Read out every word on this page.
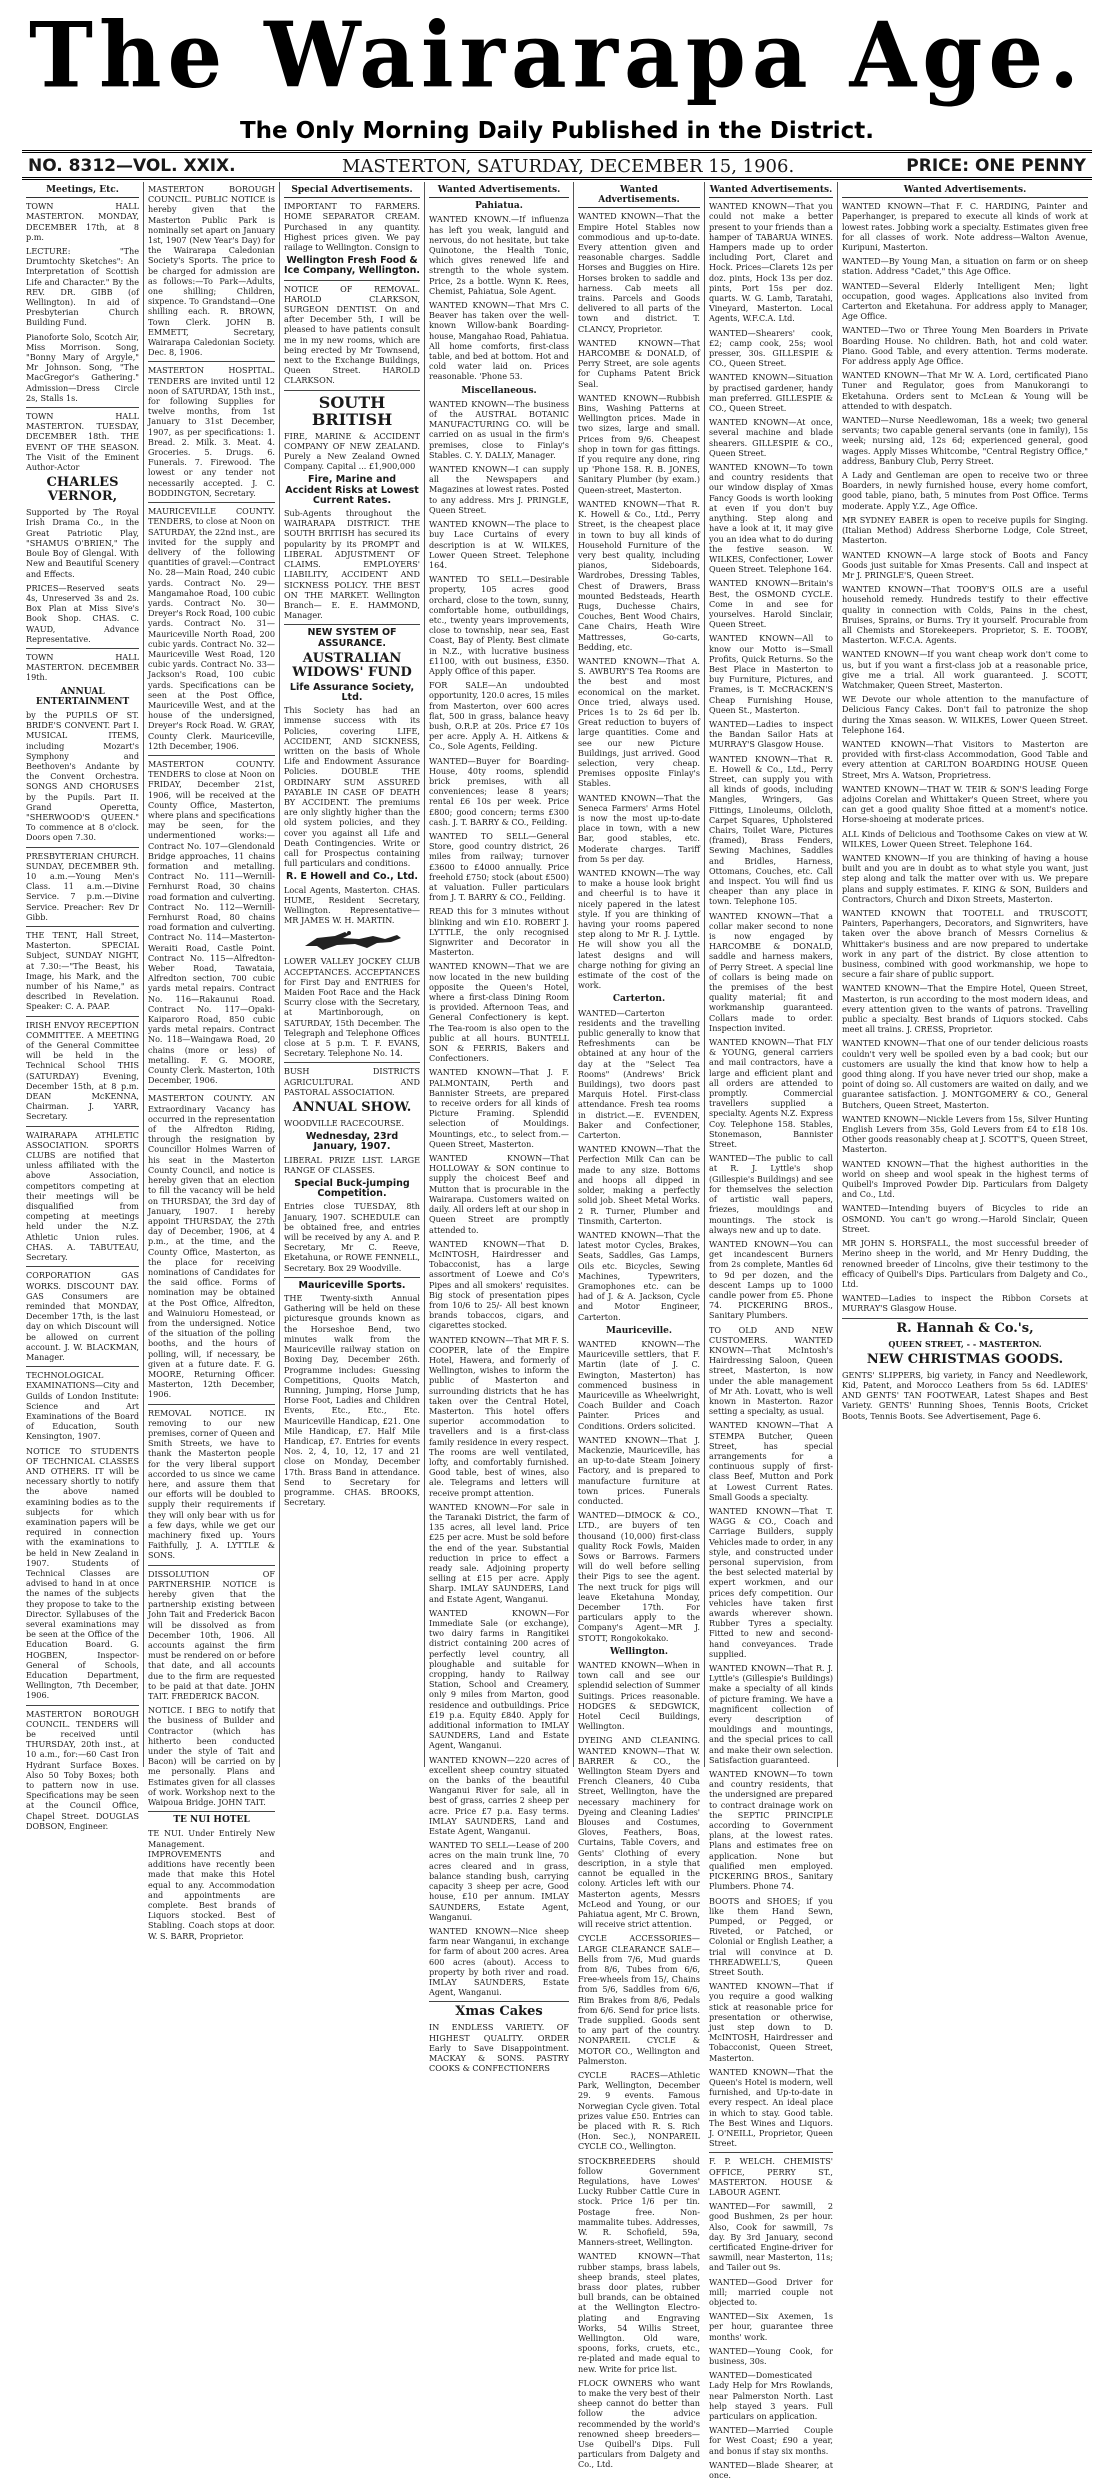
The Wairarapa Age.
The Only Morning Daily Published in the District.
NO. 8312—VOL. XXIX.	MASTERTON, SATURDAY, DECEMBER 15, 1906.	PRICE: ONE PENNY
Meetings, Etc.
TOWN HALL MASTERTON. MONDAY, DECEMBER 17th, at 8 p.m.
LECTURE: "The Drumtochty Sketches": An Interpretation of Scottish Life and Character." By the REV. DR. GIBB (of Wellington). In aid of Presbyterian Church Building Fund.
Pianoforte Solo, Scotch Air, Miss Morrison. Song, "Bonny Mary of Argyle," Mr Johnson. Song, "The MacGregor's Gathering." Admission—Dress Circle 2s, Stalls 1s.
TOWN HALL MASTERTON. TUESDAY, DECEMBER 18th. THE EVENT OF THE SEASON. The Visit of the Eminent Author-Actor
CHARLES VERNOR,
Supported by The Royal Irish Drama Co., in the Great Patriotic Play, "SHAMUS O'BRIEN," The Boule Boy of Glengal. With New and Beautiful Scenery and Effects.
PRICES—Reserved seats 4s, Unreserved 3s and 2s. Box Plan at Miss Sive's Book Shop. CHAS. C. WAUD, Advance Representative.
TOWN HALL MASTERTON. DECEMBER 19th.
ANNUAL ENTERTAINMENT
by the PUPILS OF ST. BRIDE'S CONVENT. Part I. MUSICAL ITEMS, including Mozart's Symphony and Beethoven's Andante by the Convent Orchestra. SONGS AND CHORUSES by the Pupils. Part II. Grand Operetta, "SHERWOOD'S QUEEN." To commence at 8 o'clock. Doors open 7.30.
PRESBYTERIAN CHURCH. SUNDAY, DECEMBER 9th. 10 a.m.—Young Men's Class. 11 a.m.—Divine Service. 7 p.m.—Divine Service. Preacher: Rev Dr Gibb.
THE TENT, Hall Street, Masterton. SPECIAL Subject, SUNDAY NIGHT, at 7.30:—"The Beast, his Image, his Mark, and the number of his Name," as described in Revelation. Speaker: C. A. PAAP.
IRISH ENVOY RECEPTION COMMITTEE. A MEETING of the General Committee will be held in the Technical School THIS (SATURDAY) Evening, December 15th, at 8 p.m. DEAN McKENNA, Chairman. J. YARR, Secretary.
WAIRARAPA ATHLETIC ASSOCIATION. SPORTS CLUBS are notified that unless affiliated with the above Association, competitors competing at their meetings will be disqualified from competing at meetings held under the N.Z. Athletic Union rules. CHAS. A. TABUTEAU, Secretary.
CORPORATION GAS WORKS. DISCOUNT DAY. GAS Consumers are reminded that MONDAY, December 17th, is the last day on which Discount will be allowed on current account. J. W. BLACKMAN, Manager.
TECHNOLOGICAL EXAMINATIONS—City and Guilds of London Institute: Science and Art Examinations of the Board of Education, South Kensington, 1907.
NOTICE TO STUDENTS OF TECHNICAL CLASSES AND OTHERS. IT will be necessary shortly to notify the above named examining bodies as to the subjects for which examination papers will be required in connection with the examinations to be held in New Zealand in 1907. Students of Technical Classes are advised to hand in at once the names of the subjects they propose to take to the Director. Syllabuses of the several examinations may be seen at the Office of the Education Board. G. HOGBEN, Inspector-General of Schools, Education Department, Wellington, 7th December, 1906.
MASTERTON BOROUGH COUNCIL. TENDERS will be received until THURSDAY, 20th inst., at 10 a.m., for:—60 Cast Iron Hydrant Surface Boxes. Also 50 Toby Boxes; both to pattern now in use. Specifications may be seen at the Council Office, Chapel Street. DOUGLAS DOBSON, Engineer.
MASTERTON BOROUGH COUNCIL. PUBLIC NOTICE is hereby given that the Masterton Public Park is nominally set apart on January 1st, 1907 (New Year's Day) for the Wairarapa Caledonian Society's Sports. The price to be charged for admission are as follows:—To Park—Adults, one shilling; Children, sixpence. To Grandstand—One shilling each. R. BROWN, Town Clerk. JOHN B. EMMETT, Secretary, Wairarapa Caledonian Society. Dec. 8, 1906.
MASTERTON HOSPITAL. TENDERS are invited until 12 noon of SATURDAY, 15th inst., for following Supplies for twelve months, from 1st January to 31st December, 1907, as per specifications: 1. Bread. 2. Milk. 3. Meat. 4. Groceries. 5. Drugs. 6. Funerals. 7. Firewood. The lowest or any tender not necessarily accepted. J. C. BODDINGTON, Secretary.
MAURICEVILLE COUNTY. TENDERS, to close at Noon on SATURDAY, the 22nd inst., are invited for the supply and delivery of the following quantities of gravel:—Contract No. 28—Main Road, 240 cubic yards. Contract No. 29—Mangamahoe Road, 100 cubic yards. Contract No. 30—Dreyer's Rock Road, 100 cubic yards. Contract No. 31—Mauriceville North Road, 200 cubic yards. Contract No. 32—Mauriceville West Road, 120 cubic yards. Contract No. 33—Jackson's Road, 100 cubic yards. Specifications can be seen at the Post Office, Mauriceville West, and at the house of the undersigned, Dreyer's Rock Road. W. GRAY, County Clerk. Mauriceville, 12th December, 1906.
MASTERTON COUNTY. TENDERS to close at Noon on FRIDAY, December 21st, 1906, will be received at the County Office, Masterton, where plans and specifications may be seen, for the undermentioned works:—Contract No. 107—Glendonald Bridge approaches, 11 chains formation and metalling. Contract No. 111—Wernill-Fernhurst Road, 30 chains road formation and culverting. Contract No. 112—Wernill-Fernhurst Road, 80 chains road formation and culverting. Contract No. 114—Masterton-Weraiti Road, Castle Point. Contract No. 115—Alfredton-Weber Road, Tawataia, Alfredton section, 700 cubic yards metal repairs. Contract No. 116—Rakaunui Road. Contract No. 117—Opaki-Kaiparoro Road, 850 cubic yards metal repairs. Contract No. 118—Waingawa Road, 20 chains (more or less) of metalling. F. G. MOORE, County Clerk. Masterton, 10th December, 1906.
MASTERTON COUNTY. AN Extraordinary Vacancy has occurred in the representation of the Alfredton Riding, through the resignation by Councillor Holmes Warren of his seat in the Masterton County Council, and notice is hereby given that an election to fill the vacancy will be held on THURSDAY, the 3rd day of January, 1907. I hereby appoint THURSDAY, the 27th day of December, 1906, at 4 p.m., at the time, and the County Office, Masterton, as the place for receiving nominations of Candidates for the said office. Forms of nomination may be obtained at the Post Office, Alfredton, and Wainuioru Homestead, or from the undersigned. Notice of the situation of the polling booths, and the hours of polling, will, if necessary, be given at a future date. F. G. MOORE, Returning Officer. Masterton, 12th December, 1906.
REMOVAL NOTICE. IN removing to our new premises, corner of Queen and Smith Streets, we have to thank the Masterton people for the very liberal support accorded to us since we came here, and assure them that our efforts will be doubled to supply their requirements if they will only bear with us for a few days, while we get our machinery fixed up. Yours Faithfully, J. A. LYTTLE & SONS.
DISSOLUTION OF PARTNERSHIP. NOTICE is hereby given that the partnership existing between John Tait and Frederick Bacon will be dissolved as from December 10th, 1906. All accounts against the firm must be rendered on or before that date, and all accounts due to the firm are requested to be paid at that date. JOHN TAIT. FREDERICK BACON.
NOTICE. I BEG to notify that the business of Builder and Contractor (which has hitherto been conducted under the style of Tait and Bacon) will be carried on by me personally. Plans and Estimates given for all classes of work. Workshop next to the Waipoua Bridge. JOHN TAIT.
TE NUI HOTEL
TE NUI. Under Entirely New Management. IMPROVEMENTS and additions have recently been made that make this Hotel equal to any. Accommodation and appointments are complete. Best brands of Liquors stocked. Best of Stabling. Coach stops at door. W. S. BARR, Proprietor.
Special Advertisements.
IMPORTANT TO FARMERS. HOME SEPARATOR CREAM. Purchased in any quantity. Highest prices given. We pay railage to Wellington. Consign to
Wellington Fresh Food & Ice Company, Wellington.
NOTICE OF REMOVAL. HAROLD CLARKSON, SURGEON DENTIST. On and after December 5th, I will be pleased to have patients consult me in my new rooms, which are being erected by Mr Townsend, next to the Exchange Buildings, Queen Street. HAROLD CLARKSON.
SOUTH BRITISH
FIRE, MARINE & ACCIDENT COMPANY OF NEW ZEALAND. Purely a New Zealand Owned Company. Capital ... £1,900,000
Fire, Marine and Accident Risks at Lowest Current Rates.
Sub-Agents throughout the WAIRARAPA DISTRICT. THE SOUTH BRITISH has secured its popularity by its PROMPT and LIBERAL ADJUSTMENT OF CLAIMS. EMPLOYERS' LIABILITY, ACCIDENT AND SICKNESS POLICY. THE BEST ON THE MARKET. Wellington Branch— E. E. HAMMOND, Manager.
NEW SYSTEM OF ASSURANCE.
AUSTRALIAN WIDOWS' FUND
Life Assurance Society, Ltd.
This Society has had an immense success with its Policies, covering LIFE, ACCIDENT, AND SICKNESS, written on the basis of Whole Life and Endowment Assurance Policies. DOUBLE THE ORDINARY SUM ASSURED PAYABLE IN CASE OF DEATH BY ACCIDENT. The premiums are only slightly higher than the old system policies, and they cover you against all Life and Death Contingencies. Write or call for Prospectus containing full particulars and conditions.
R. E Howell and Co., Ltd.
Local Agents, Masterton. CHAS. HUME, Resident Secretary, Wellington. Representative— MR JAMES W. H. MARTIN.
LOWER VALLEY JOCKEY CLUB ACCEPTANCES. ACCEPTANCES for First Day and ENTRIES for Maiden Foot Race and the Hack Scurry close with the Secretary, at Martinborough, on SATURDAY, 15th December. The Telegraph and Telephone Offices close at 5 p.m. T. F. EVANS, Secretary. Telephone No. 14.
BUSH DISTRICTS AGRICULTURAL AND PASTORAL ASSOCIATION.
ANNUAL SHOW.
WOODVILLE RACECOURSE.
Wednesday, 23rd January, 1907.
LIBERAL PRIZE LIST. LARGE RANGE OF CLASSES.
Special Buck-jumping Competition.
Entries close TUESDAY, 8th January, 1907. SCHEDULE can be obtained free, and entries will be received by any A. and P. Secretary, Mr C. Reeve, Eketahuna, or ROWE FENNELL, Secretary. Box 29 Woodville.
Mauriceville Sports.
THE Twenty-sixth Annual Gathering will be held on these picturesque grounds known as the Horseshoe Bend, two minutes walk from the Mauriceville railway station on Boxing Day, December 26th. Programme includes: Guessing Competitions, Quoits Match, Running, Jumping, Horse Jump, Horse Foot, Ladies and Children Events, Etc., Etc., Etc. Mauriceville Handicap, £21. One Mile Handicap, £7. Half Mile Handicap, £7. Entries for events Nos. 2, 4, 10, 12, 17 and 21 close on Monday, December 17th. Brass Band in attendance. Send to Secretary for programme. CHAS. BROOKS, Secretary.
Wanted Advertisements.
Pahiatua.
WANTED KNOWN.—If influenza has left you weak, languid and nervous, do not hesitate, but take Quinotone, the Health Tonic, which gives renewed life and strength to the whole system. Price, 2s a bottle. Wynn K. Rees, Chemist, Pahiatua, Sole Agent.
WANTED KNOWN—That Mrs C. Beaver has taken over the well-known Willow-bank Boarding-house, Mangahao Road, Pahiatua. All home comforts, first-class table, and bed at bottom. Hot and cold water laid on. Prices reasonable. 'Phone 53.
Miscellaneous.
WANTED KNOWN—The business of the AUSTRAL BOTANIC MANUFACTURING CO. will be carried on as usual in the firm's premises, close to Finlay's Stables. C. Y. DALLY, Manager.
WANTED KNOWN—I can supply all the Newspapers and Magazines at lowest rates. Posted to any address. Mrs J. PRINGLE, Queen Street.
WANTED KNOWN—The place to buy Lace Curtains of every description is at W. WILKES, Lower Queen Street. Telephone 164.
WANTED TO SELL—Desirable property, 105 acres good orchard, close to the town, sunny, comfortable home, outbuildings, etc., twenty years improvements, close to township, near sea, East Coast, Bay of Plenty. Best climate in N.Z., with lucrative business £1100, with out business, £350. Apply Office of this paper.
FOR SALE—An undoubted opportunity, 120.0 acres, 15 miles from Masterton, over 600 acres flat, 500 in grass, balance heavy bush, O.R.P. at 20s. Price £7 10s per acre. Apply A. H. Aitkens & Co., Sole Agents, Feilding.
WANTED—Buyer for Boarding-House, 40ty rooms, splendid brick premises, with all conveniences; lease 8 years; rental £6 10s per week. Price £800; good concern; terms £300 cash. J. T. BARRY & CO., Feilding.
WANTED TO SELL—General Store, good country district, 26 miles from railway; turnover £3600 to £4000 annually. Price freehold £750; stock (about £500) at valuation. Fuller particulars from J. T. BARRY & CO., Feilding.
READ this for 3 minutes without blinking and win £10. ROBERT J. LYTTLE, the only recognised Signwriter and Decorator in Masterton.
WANTED KNOWN—That we are now located in the new building opposite the Queen's Hotel, where a first-class Dining Room is provided. Afternoon Teas, and General Confectionery is kept. The Tea-room is also open to the public at all hours. BUNTELL SON & FERRIS, Bakers and Confectioners.
WANTED KNOWN—That J. F. PALMONTAIN, Perth and Bannister Streets, are prepared to receive orders for all kinds of Picture Framing. Splendid selection of Mouldings. Mountings, etc., to select from.—Queen Street, Masterton.
WANTED KNOWN—That HOLLOWAY & SON continue to supply the choicest Beef and Mutton that is procurable in the Wairarapa. Customers waited on daily. All orders left at our shop in Queen Street are promptly attended to.
WANTED KNOWN—That D. McINTOSH, Hairdresser and Tobacconist, has a large assortment of Loewe and Co's Pipes and all smokers' requisites. Big stock of presentation pipes from 10/6 to 25/- All best known brands tobaccos, cigars, and cigarettes stocked.
WANTED KNOWN—That MR F. S. COOPER, late of the Empire Hotel, Hawera, and formerly of Wellington, wishes to inform the public of Masterton and surrounding districts that he has taken over the Central Hotel, Masterton. This hotel offers superior accommodation to travellers and is a first-class family residence in every respect. The rooms are well ventilated, lofty, and comfortably furnished. Good table, best of wines, also ale. Telegrams and letters will receive prompt attention.
WANTED KNOWN—For sale in the Taranaki District, the farm of 135 acres, all level land. Price £25 per acre. Must be sold before the end of the year. Substantial reduction in price to effect a ready sale. Adjoining property selling at £15 per acre. Apply Sharp. IMLAY SAUNDERS, Land and Estate Agent, Wanganui.
WANTED KNOWN—For Immediate Sale (or exchange), two dairy farms in Rangitikei district containing 200 acres of perfectly level country, all ploughable and suitable for cropping, handy to Railway Station, School and Creamery, only 9 miles from Marton, good residence and outbuildings. Price £19 p.a. Equity £840. Apply for additional information to IMLAY SAUNDERS, Land and Estate Agent, Wanganui.
WANTED KNOWN—220 acres of excellent sheep country situated on the banks of the beautiful Wanganui River for sale, all in best of grass, carries 2 sheep per acre. Price £7 p.a. Easy terms. IMLAY SAUNDERS, Land and Estate Agent, Wanganui.
WANTED TO SELL—Lease of 200 acres on the main trunk line, 70 acres cleared and in grass, balance standing bush, carrying capacity 3 sheep per acre, Good house, £10 per annum. IMLAY SAUNDERS, Estate Agent, Wanganui.
WANTED KNOWN—Nice sheep farm near Wanganui, in exchange for farm of about 200 acres. Area 600 acres (about). Access to property by both river and road. IMLAY SAUNDERS, Estate Agent, Wanganui.
Xmas Cakes
IN ENDLESS VARIETY. OF HIGHEST QUALITY. ORDER Early to Save Disappointment. MACKAY & SONS. PASTRY COOKS & CONFECTIONERS
Wanted Advertisements.
WANTED KNOWN—That the Empire Hotel Stables now commodious and up-to-date. Every attention given and reasonable charges. Saddle Horses and Buggies on Hire. Horses broken to saddle and harness. Cab meets all trains. Parcels and Goods delivered to all parts of the town and district. T. CLANCY, Proprietor.
WANTED KNOWN—That HARCOMBE & DONALD, of Perry Street, are sole agents for Cuphams Patent Brick Seal.
WANTED KNOWN—Rubbish Bins, Washing Patterns at Wellington prices. Made in two sizes, large and small. Prices from 9/6. Cheapest shop in town for gas fittings. If you require any done, ring up 'Phone 158. R. B. JONES, Sanitary Plumber (by exam.) Queen-street, Masterton.
WANTED KNOWN—That R. K. Howell & Co., Ltd., Perry Street, is the cheapest place in town to buy all kinds of Household Furniture of the very best quality, including pianos, Sideboards, Wardrobes, Dressing Tables, Chest of Drawers, Brass mounted Bedsteads, Hearth Rugs, Duchesse Chairs, Couches, Bent Wood Chairs, Cane Chairs, Heath Wire Mattresses, Go-carts, Bedding, etc.
WANTED KNOWN—That A. S. AWBURY'S Tea Rooms are the best and most economical on the market. Once tried, always used. Prices 1s to 2s 6d per lb. Great reduction to buyers of large quantities. Come and see our new Picture Buildings, just arrived. Good selection, very cheap. Premises opposite Finlay's Stables.
WANTED KNOWN—That the Seneca Farmers' Arms Hotel is now the most up-to-date place in town, with a new Bar, good stables, etc. Moderate charges. Tariff from 5s per day.
WANTED KNOWN—The way to make a house look bright and cheerful is to have it nicely papered in the latest style. If you are thinking of having your rooms papered step along to Mr R. J. Lyttle. He will show you all the latest designs and will charge nothing for giving an estimate of the cost of the work.
Carterton.
WANTED—Carterton residents and the travelling public generally to know that Refreshments can be obtained at any hour of the day at the "Select Tea Rooms" (Andrews' Brick Buildings), two doors past Marquis Hotel. First-class attendance. Fresh tea rooms in district.—E. EVENDEN, Baker and Confectioner, Carterton.
WANTED KNOWN—That the Perfection Milk Can can be made to any size. Bottoms and hoops all dipped in solder, making a perfectly solid job. Sheet Metal Works. 2 R. Turner, Plumber and Tinsmith, Carterton.
WANTED KNOWN—That the latest motor Cycles, Brakes, Seats, Saddles, Gas Lamps, Oils etc. Bicycles, Sewing Machines, Typewriters, Gramophones etc. can be had of J. & A. Jackson, Cycle and Motor Engineer, Carterton.
Mauriceville.
WANTED KNOWN—The Mauriceville settlers, that F. Martin (late of J. C. Ewington, Masterton) has commenced business in Mauriceville as Wheelwright, Coach Builder and Coach Painter. Prices and Conditions. Orders solicited.
WANTED KNOWN—That J. Mackenzie, Mauriceville, has an up-to-date Steam Joinery Factory, and is prepared to manufacture furniture at town prices. Funerals conducted.
WANTED—DIMOCK & CO., LTD., are buyers of ten thousand (10,000) first-class quality Rock Fowls, Maiden Sows or Barrows. Farmers will do well before selling their Pigs to see the agent. The next truck for pigs will leave Eketahuna Monday, December 17th. For particulars apply to the Company's Agent—MR J. STOTT, Rongokokako.
Wellington.
WANTED KNOWN—When in town call and see our splendid selection of Summer Suitings. Prices reasonable. HODGES & SEDGWICK, Hotel Cecil Buildings, Wellington.
DYEING AND CLEANING. WANTED KNOWN—That W. BARRER & CO., the Wellington Steam Dyers and French Cleaners, 40 Cuba Street, Wellington, have the necessary machinery for Dyeing and Cleaning Ladies' Blouses and Costumes, Gloves, Feathers, Boas, Curtains, Table Covers, and Gents' Clothing of every description, in a style that cannot be equalled in the colony. Articles left with our Masterton agents, Messrs McLeod and Young, or our Pahiatua agent, Mr C. Brown, will receive strict attention.
CYCLE ACCESSORIES—LARGE CLEARANCE SALE—Bells from 7/6, Mud guards from 8/6, Tubes from 6/6, Free-wheels from 15/, Chains from 5/6, Saddles from 6/6, Rim Brakes from 8/6, Pedals from 6/6. Send for price lists. Trade supplied. Goods sent to any part of the country. NONPAREIL CYCLE & MOTOR CO., Wellington and Palmerston.
CYCLE RACES—Athletic Park, Wellington, December 29. 9 events. Famous Norwegian Cycle given. Total prizes value £50. Entries can be placed with R. S. Rich (Hon. Sec.), NONPAREIL CYCLE CO., Wellington.
STOCKBREEDERS should follow Government Regulations, have Lowes' Lucky Rubber Cattle Cure in stock. Price 1/6 per tin. Postage free. Non-mammalite tubes. Addresses, W. R. Schofield, 59a, Manners-street, Wellington.
WANTED KNOWN—That rubber stamps, brass labels, sheep brands, steel plates, brass door plates, rubber bull brands, can be obtained at the Wellington Electro-plating and Engraving Works, 54 Willis Street, Wellington. Old ware, spoons, forks, cruets, etc., re-plated and made equal to new. Write for price list.
FLOCK OWNERS who want to make the very best of their sheep cannot do better than follow the advice recommended by the world's renowned sheep breeders—Use Quibell's Dips. Full particulars from Dalgety and Co., Ltd.
Wanted Advertisements.
WANTED KNOWN—That you could not make a better present to your friends than a hamper of TABARUA WINES. Hampers made up to order including Port, Claret and Hock. Prices—Clarets 12s per doz. pints, Hock 13s per doz. pints, Port 15s per doz. quarts. W. G. Lamb, Taratahi, Vineyard, Masterton. Local Agents, W.F.C.A. Ltd.
WANTED—Shearers' cook, £2; camp cook, 25s; wool presser, 30s. GILLESPIE & CO., Queen Street.
WANTED KNOWN—Situation by practised gardener, handy man preferred. GILLESPIE & CO., Queen Street.
WANTED KNOWN—At once, several machine and blade shearers. GILLESPIE & CO., Queen Street.
WANTED KNOWN—To town and country residents that our window display of Xmas Fancy Goods is worth looking at even if you don't buy anything. Step along and have a look at it, it may give you an idea what to do during the festive season. W. WILKES, Confectioner, Lower Queen Street. Telephone 164.
WANTED KNOWN—Britain's Best, the OSMOND CYCLE. Come in and see for yourselves. Harold Sinclair, Queen Street.
WANTED KNOWN—All to know our Motto is—Small Profits, Quick Returns. So the Best Place in Masterton to buy Furniture, Pictures, and Frames, is T. McCRACKEN'S Cheap Furnishing House, Queen St., Masterton.
WANTED—Ladies to inspect the Bandan Sailor Hats at MURRAY'S Glasgow House.
WANTED KNOWN—That R. E. Howell & Co., Ltd., Perry Street, can supply you with all kinds of goods, including Mangles, Wringers, Gas Fittings, Linoleums, Oilcloth, Carpet Squares, Upholstered Chairs, Toilet Ware, Pictures (framed), Brass Fenders, Sewing Machines, Saddles and Bridles, Harness, Ottomans, Couches, etc. Call and inspect. You will find us cheaper than any place in town. Telephone 105.
WANTED KNOWN—That a collar maker second to none is now engaged by HARCOMBE & DONALD, saddle and harness makers, of Perry Street. A special line of collars is being made on the premises of the best quality material; fit and workmanship guaranteed. Collars made to order. Inspection invited.
WANTED KNOWN—That FLY & YOUNG, general carriers and mail contractors, have a large and efficient plant and all orders are attended to promptly. Commercial travellers supplied a specialty. Agents N.Z. Express Coy. Telephone 158. Stables, Stonemason, Bannister Street.
WANTED—The public to call at R. J. Lyttle's shop (Gillespie's Buildings) and see for themselves the selection of artistic wall papers, friezes, mouldings and mountings. The stock is always new and up to date.
WANTED KNOWN—You can get incandescent Burners from 2s complete, Mantles 6d to 9d per dozen, and the descent Lamps up to 1000 candle power from £5. Phone 74. PICKERING BROS., Sanitary Plumbers.
TO OLD AND NEW CUSTOMERS. WANTED KNOWN—That McIntosh's Hairdressing Saloon, Queen street, Masterton, is now under the able management of Mr Ath. Lovatt, who is well known in Masterton. Razor setting a specialty, as usual.
WANTED KNOWN—That A STEMPA Butcher, Queen Street, has special arrangements for a continuous supply of first-class Beef, Mutton and Pork at Lowest Current Rates. Small Goods a specialty.
WANTED KNOWN—That T. WAGG & CO., Coach and Carriage Builders, supply Vehicles made to order, in any style, and constructed under personal supervision, from the best selected material by expert workmen, and our prices defy competition. Our vehicles have taken first awards wherever shown. Rubber Tyres a specialty. Fitted to new and second-hand conveyances. Trade supplied.
WANTED KNOWN—That R. J. Lyttle's (Gillespie's Buildings) make a specialty of all kinds of picture framing. We have a magnificent collection of every description of mouldings and mountings, and the special prices to call and make their own selection. Satisfaction guaranteed.
WANTED KNOWN—To town and country residents, that the undersigned are prepared to contract drainage work on the SEPTIC PRINCIPLE according to Government plans, at the lowest rates. Plans and estimates free on application. None but qualified men employed. PICKERING BROS., Sanitary Plumbers. Phone 74.
BOOTS and SHOES; if you like them Hand Sewn, Pumped, or Pegged, or Riveted, or Patched, or Colonial or English Leather, a trial will convince at D. THREADWELL'S, Queen Street South.
WANTED KNOWN—That if you require a good walking stick at reasonable price for presentation or otherwise, just step down to D. McINTOSH, Hairdresser and Tobacconist, Queen Street, Masterton.
WANTED KNOWN—That the Queen's Hotel is modern, well furnished, and Up-to-date in every respect. An ideal place in which to stay. Good table. The Best Wines and Liquors. J. O'NEILL, Proprietor, Queen Street.
F. P. WELCH. CHEMISTS' OFFICE, PERRY ST., MASTERTON. HOUSE & LABOUR AGENT.
WANTED—For sawmill, 2 good Bushmen, 2s per hour. Also, Cook for sawmill, 7s day. By 3rd January, second certificated Engine-driver for sawmill, near Masterton, 11s; and Tailer out 9s.
WANTED—Good Driver for mill; married couple not objected to.
WANTED—Six Axemen, 1s per hour, guarantee three months' work.
WANTED—Young Cook, for business, 30s.
WANTED—Domesticated Lady Help for Mrs Rowlands, near Palmerston North. Last help stayed 3 years. Full particulars on application.
WANTED—Married Couple for West Coast; £90 a year, and bonus if stay six months.
WANTED—Blade Shearer, at once.
Wanted Advertisements.
WANTED KNOWN—That F. C. HARDING, Painter and Paperhanger, is prepared to execute all kinds of work at lowest rates. Jobbing work a specialty. Estimates given free for all classes of work. Note address—Walton Avenue, Kuripuni, Masterton.
WANTED—By Young Man, a situation on farm or on sheep station. Address "Cadet," this Age Office.
WANTED—Several Elderly Intelligent Men; light occupation, good wages. Applications also invited from Carterton and Eketahuna. For address apply to Manager, Age Office.
WANTED—Two or Three Young Men Boarders in Private Boarding House. No children. Bath, hot and cold water. Piano. Good Table, and every attention. Terms moderate. For address apply Age Office.
WANTED KNOWN—That Mr W. A. Lord, certificated Piano Tuner and Regulator, goes from Manukorangi to Eketahuna. Orders sent to McLean & Young will be attended to with despatch.
WANTED—Nurse Needlewoman, 18s a week; two general servants; two capable general servants (one in family), 15s week; nursing aid, 12s 6d; experienced general, good wages. Apply Misses Whitcombe, "Central Registry Office," address, Banbury Club, Perry Street.
A Lady and Gentleman are open to receive two or three Boarders, in newly furnished house, every home comfort, good table, piano, bath, 5 minutes from Post Office. Terms moderate. Apply Y.Z., Age Office.
MR SYDNEY EABER is open to receive pupils for Singing. (Italian Method) Address Sherborne Lodge, Cole Street, Masterton.
WANTED KNOWN—A large stock of Boots and Fancy Goods just suitable for Xmas Presents. Call and inspect at Mr J. PRINGLE'S, Queen Street.
WANTED KNOWN—That TOOBY'S OILS are a useful household remedy. Hundreds testify to their effective quality in connection with Colds, Pains in the chest, Bruises, Sprains, or Burns. Try it yourself. Procurable from all Chemists and Storekeepers. Proprietor, S. E. TOOBY, Masterton. W.F.C.A. Agents.
WANTED KNOWN—If you want cheap work don't come to us, but if you want a first-class job at a reasonable price, give me a trial. All work guaranteed. J. SCOTT, Watchmaker, Queen Street, Masterton.
WE Devote our whole attention to the manufacture of Delicious Fancy Cakes. Don't fail to patronize the shop during the Xmas season. W. WILKES, Lower Queen Street. Telephone 164.
WANTED KNOWN—That Visitors to Masterton are provided with first-class Accommodation, Good Table and every attention at CARLTON BOARDING HOUSE Queen Street, Mrs A. Watson, Proprietress.
WANTED KNOWN—THAT W. TEIR & SON'S leading Forge adjoins Corelan and Whittaker's Queen Street, where you can get a good quality Shoe fitted at a moment's notice. Horse-shoeing at moderate prices.
ALL Kinds of Delicious and Toothsome Cakes on view at W. WILKES, Lower Queen Street. Telephone 164.
WANTED KNOWN—If you are thinking of having a house built and you are in doubt as to what style you want, just step along and talk the matter over with us. We prepare plans and supply estimates. F. KING & SON, Builders and Contractors, Church and Dixon Streets, Masterton.
WANTED KNOWN that TOOTELL and TRUSCOTT, Painters, Paperhangers, Decorators, and Signwriters, have taken over the above branch of Messrs Cornelius & Whittaker's business and are now prepared to undertake work in any part of the district. By close attention to business, combined with good workmanship, we hope to secure a fair share of public support.
WANTED KNOWN—That the Empire Hotel, Queen Street, Masterton, is run according to the most modern ideas, and every attention given to the wants of patrons. Travelling public a specialty. Best brands of Liquors stocked. Cabs meet all trains. J. CRESS, Proprietor.
WANTED KNOWN—That one of our tender delicious roasts couldn't very well be spoiled even by a bad cook; but our customers are usually the kind that know how to help a good thing along. If you have never tried our shop, make a point of doing so. All customers are waited on daily, and we guarantee satisfaction. J. MONTGOMERY & CO., General Butchers, Queen Street, Masterton.
WANTED KNOWN—Nickle Levers from 15s, Silver Hunting English Levers from 35s, Gold Levers from £4 to £18 10s. Other goods reasonably cheap at J. SCOTT'S, Queen Street, Masterton.
WANTED KNOWN—That the highest authorities in the world on sheep and wool speak in the highest terms of Quibell's Improved Powder Dip. Particulars from Dalgety and Co., Ltd.
WANTED—Intending buyers of Bicycles to ride an OSMOND. You can't go wrong.—Harold Sinclair, Queen Street.
MR JOHN S. HORSFALL, the most successful breeder of Merino sheep in the world, and Mr Henry Dudding, the renowned breeder of Lincolns, give their testimony to the efficacy of Quibell's Dips. Particulars from Dalgety and Co., Ltd.
WANTED—Ladies to inspect the Ribbon Corsets at MURRAY'S Glasgow House.
R. Hannah & Co.'s,
QUEEN STREET, - - MASTERTON.
NEW CHRISTMAS GOODS.
GENTS' SLIPPERS, big variety, in Fancy and Needlework, Kid, Patent, and Morocco Leathers from 5s 6d. LADIES' AND GENTS' TAN FOOTWEAR, Latest Shapes and Best Variety. GENTS' Running Shoes, Tennis Boots, Cricket Boots, Tennis Boots. See Advertisement, Page 6.
